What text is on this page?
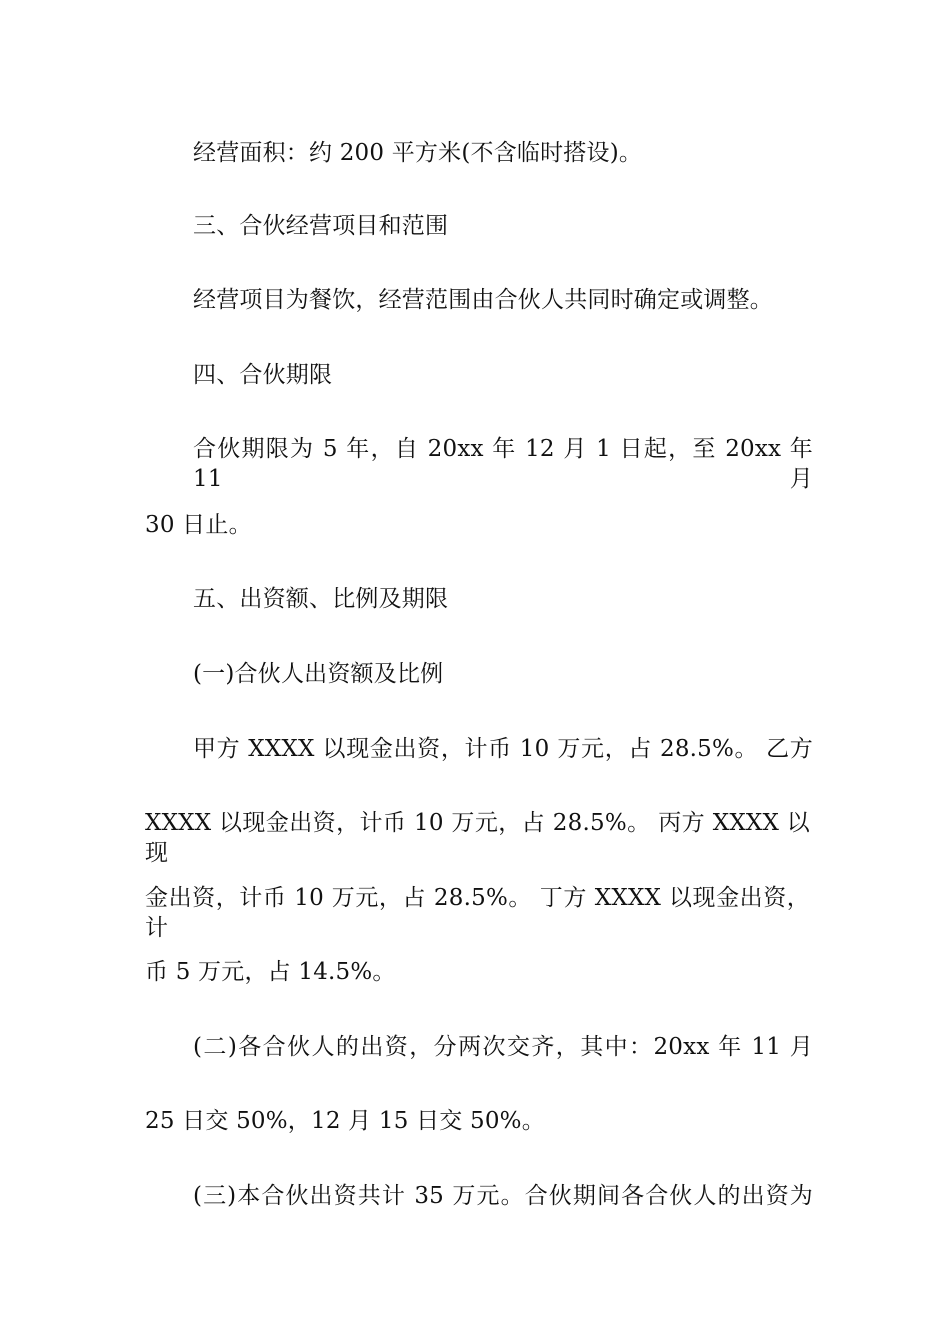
经营面积：约 200 平方米(不含临时搭设)。
三、合伙经营项目和范围
经营项目为餐饮，经营范围由合伙人共同时确定或调整。
四、合伙期限
合伙期限为 5 年，自 20xx 年 12 月 1 日起，至 20xx 年 11 月
30 日止。
五、出资额、比例及期限
(一)合伙人出资额及比例
甲方 XXXX 以现金出资，计币 10 万元，占 28.5%。 乙方
XXXX 以现金出资，计币 10 万元，占 28.5%。 丙方 XXXX 以现
金出资，计币 10 万元，占 28.5%。 丁方 XXXX 以现金出资，计
币 5 万元，占 14.5%。
(二)各合伙人的出资，分两次交齐，其中：20xx 年 11 月
25 日交 50%，12 月 15 日交 50%。
(三)本合伙出资共计 35 万元。合伙期间各合伙人的出资为
